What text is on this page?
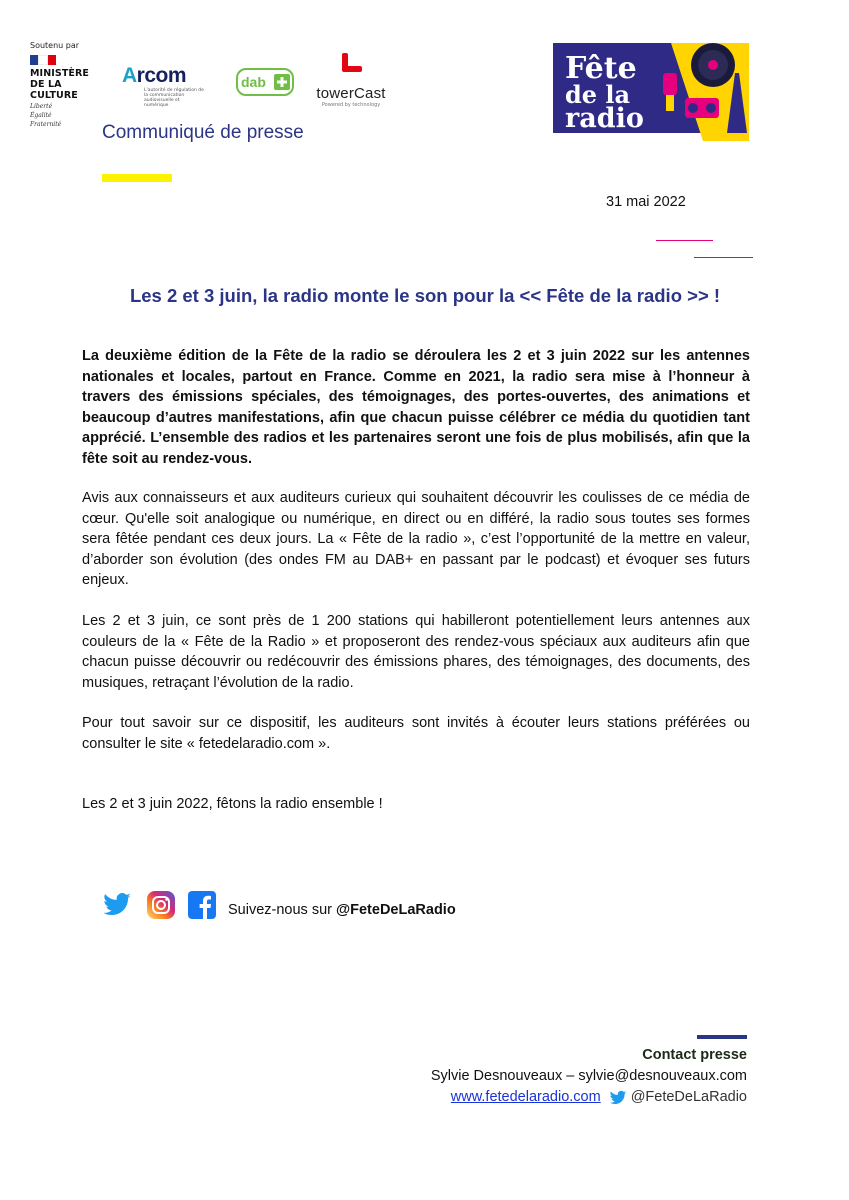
Soutenu par
MINISTÈRE
DE LA CULTURE
Liberté
Égalité
Fraternité
Arcom
L'autorité de régulation de la communication audiovisuelle et numérique
dab
towerCast
Powered by technology
Fête
de la
radio
Communiqué de presse
31 mai 2022
Les 2 et 3 juin, la radio monte le son pour la << Fête de la radio >> !

La deuxième édition de la Fête de la radio se déroulera les 2 et 3 juin 2022 sur les antennes nationales et locales, partout en France. Comme en 2021, la radio sera mise à l’honneur à travers des émissions spéciales, des témoignages, des portes-ouvertes, des animations et beaucoup d’autres manifestations, afin que chacun puisse célébrer ce média du quotidien tant apprécié. L’ensemble des radios et les partenaires seront une fois de plus mobilisés, afin que la fête soit au rendez-vous.

Avis aux connaisseurs et aux auditeurs curieux qui souhaitent découvrir les coulisses de ce média de cœur. Qu'elle soit analogique ou numérique, en direct ou en différé, la radio sous toutes ses formes sera fêtée pendant ces deux jours. La « Fête de la radio », c’est l’opportunité de la mettre en valeur, d’aborder son évolution (des ondes FM au DAB+ en passant par le podcast) et évoquer ses futurs enjeux.

Les 2 et 3 juin, ce sont près de 1 200 stations qui habilleront potentiellement leurs antennes aux couleurs de la « Fête de la Radio » et proposeront des rendez-vous spéciaux aux auditeurs afin que chacun puisse découvrir ou redécouvrir des émissions phares, des témoignages, des documents, des musiques, retraçant l’évolution de la radio.

Pour tout savoir sur ce dispositif, les auditeurs sont invités à écouter leurs stations préférées ou consulter le site « fetedelaradio.com ».

Les 2 et 3 juin 2022, fêtons la radio ensemble !

Suivez-nous sur @FeteDeLaRadio
Contact presse
Sylvie Desnouveaux – sylvie@desnouveaux.com
www.fetedelaradio.com @FeteDeLaRadio
